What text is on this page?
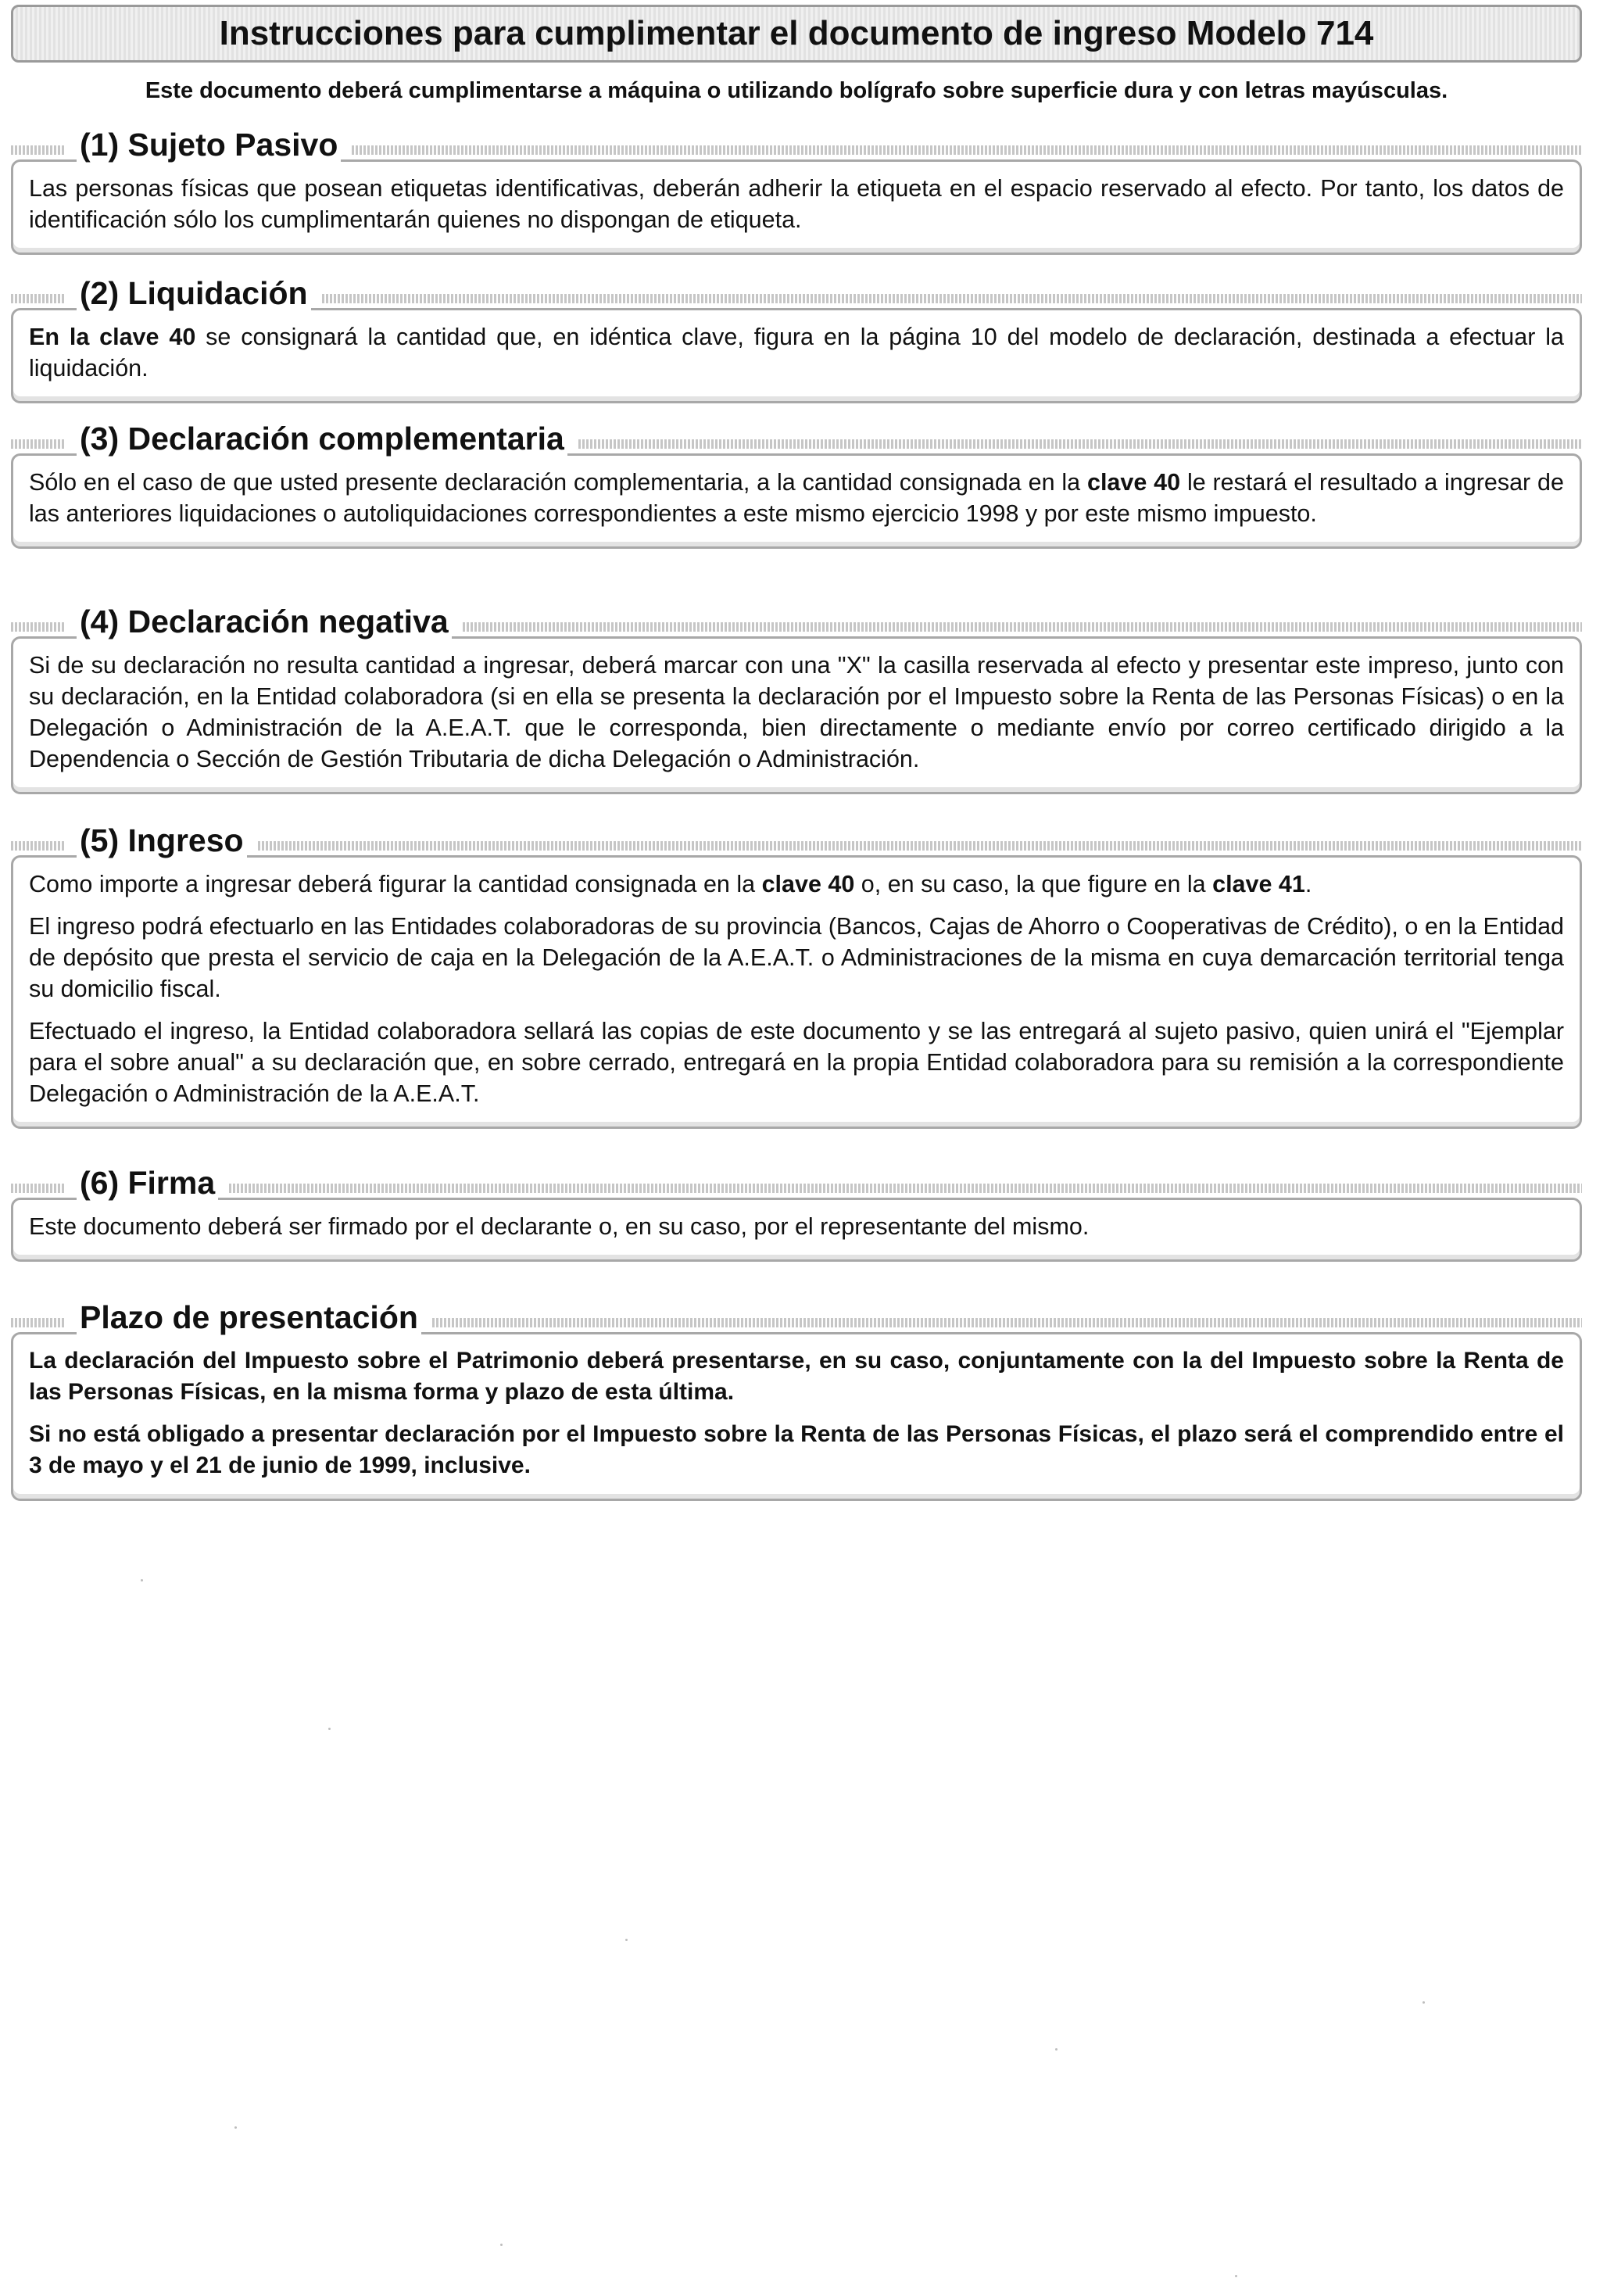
Instrucciones para cumplimentar el documento de ingreso Modelo 714
Este documento deberá cumplimentarse a máquina o utilizando bolígrafo sobre superficie dura y con letras mayúsculas.
(1) Sujeto Pasivo

Las personas físicas que posean etiquetas identificativas, deberán adherir la etiqueta en el espacio reservado al efecto. Por tanto, los datos de identificación sólo los cumplimentarán quienes no dispongan de etiqueta.

(2) Liquidación

En la clave 40 se consignará la cantidad que, en idéntica clave, figura en la página 10 del modelo de declaración, destinada a efectuar la liquidación.

(3) Declaración complementaria

Sólo en el caso de que usted presente declaración complementaria, a la cantidad consignada en la clave 40 le restará el resultado a ingresar de las anteriores liquidaciones o autoliquidaciones correspondientes a este mismo ejercicio 1998 y por este mismo impuesto.

(4) Declaración negativa

Si de su declaración no resulta cantidad a ingresar, deberá marcar con una "X" la casilla reservada al efecto y presentar este impreso, junto con su declaración, en la Entidad colaboradora (si en ella se presenta la declaración por el Impuesto sobre la Renta de las Personas Físicas) o en la Delegación o Administración de la A.E.A.T. que le corresponda, bien directamente o mediante envío por correo certificado dirigido a la Dependencia o Sección de Gestión Tributaria de dicha Delegación o Administración.

(5) Ingreso

Como importe a ingresar deberá figurar la cantidad consignada en la clave 40 o, en su caso, la que figure en la clave 41.

El ingreso podrá efectuarlo en las Entidades colaboradoras de su provincia (Bancos, Cajas de Ahorro o Cooperativas de Crédito), o en la Entidad de depósito que presta el servicio de caja en la Delegación de la A.E.A.T. o Administraciones de la misma en cuya demarcación territorial tenga su domicilio fiscal.

Efectuado el ingreso, la Entidad colaboradora sellará las copias de este documento y se las entregará al sujeto pasivo, quien unirá el "Ejemplar para el sobre anual" a su declaración que, en sobre cerrado, entregará en la propia Entidad colaboradora para su remisión a la correspondiente Delegación o Administración de la A.E.A.T.

(6) Firma

Este documento deberá ser firmado por el declarante o, en su caso, por el representante del mismo.

Plazo de presentación

La declaración del Impuesto sobre el Patrimonio deberá presentarse, en su caso, conjuntamente con la del Impuesto sobre la Renta de las Personas Físicas, en la misma forma y plazo de esta última.

Si no está obligado a presentar declaración por el Impuesto sobre la Renta de las Personas Físicas, el plazo será el comprendido entre el 3 de mayo y el 21 de junio de 1999, inclusive.
